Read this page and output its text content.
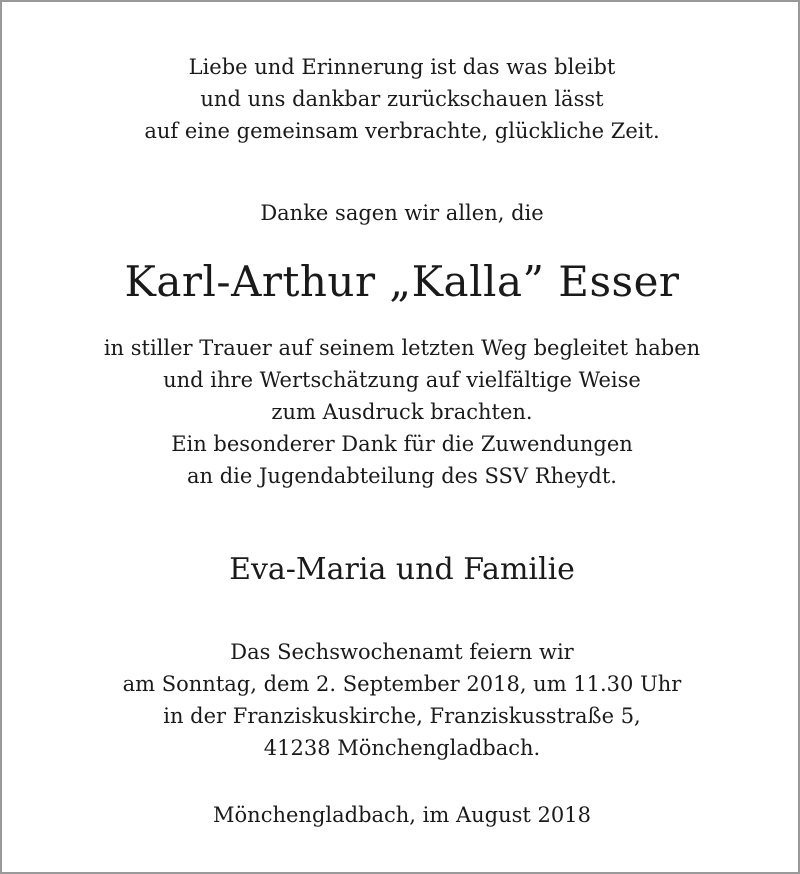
Liebe und Erinnerung ist das was bleibt

und uns dankbar zurückschauen lässt

auf eine gemeinsam verbrachte, glückliche Zeit.

Danke sagen wir allen, die

Karl-Arthur „Kalla” Esser

in stiller Trauer auf seinem letzten Weg begleitet haben

und ihre Wertschätzung auf vielfältige Weise

zum Ausdruck brachten.

Ein besonderer Dank für die Zuwendungen

an die Jugendabteilung des SSV Rheydt.

Eva-Maria und Familie

Das Sechswochenamt feiern wir

am Sonntag, dem 2. September 2018, um 11.30 Uhr

in der Franziskuskirche, Franziskusstraße 5,

41238 Mönchengladbach.

Mönchengladbach, im August 2018
